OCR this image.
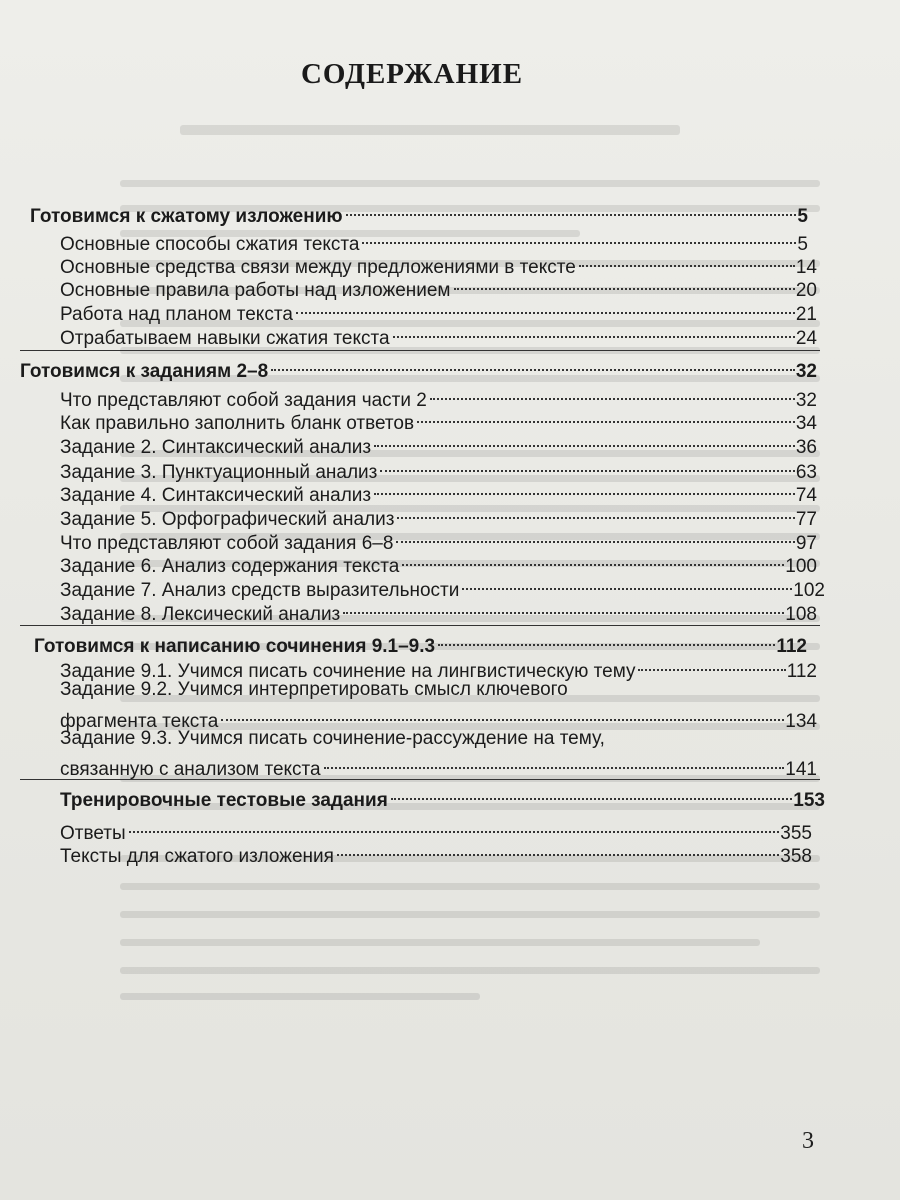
СОДЕРЖАНИЕ
Готовимся к сжатому изложению	5
Основные способы сжатия текста	5
Основные средства связи между предложениями в тексте	14
Основные правила работы над изложением	20
Работа над планом текста	21
Отрабатываем навыки сжатия текста	24
Готовимся к заданиям 2–8	32
Что представляют собой задания части 2	32
Как правильно заполнить бланк ответов	34
Задание 2. Синтаксический анализ	36
Задание 3. Пунктуационный анализ	63
Задание 4. Синтаксический анализ	74
Задание 5. Орфографический анализ	77
Что представляют собой задания 6–8	97
Задание 6. Анализ содержания текста	100
Задание 7. Анализ средств выразительности	102
Задание 8. Лексический анализ	108
Готовимся к написанию сочинения 9.1–9.3	112
Задание 9.1. Учимся писать сочинение на лингвистическую тему	112
Задание 9.2. Учимся интерпретировать смысл ключевого
фрагмента текста	134
Задание 9.3. Учимся писать сочинение-рассуждение на тему,
связанную с анализом текста	141
Тренировочные тестовые задания	153
Ответы	355
Тексты для сжатого изложения	358
3
